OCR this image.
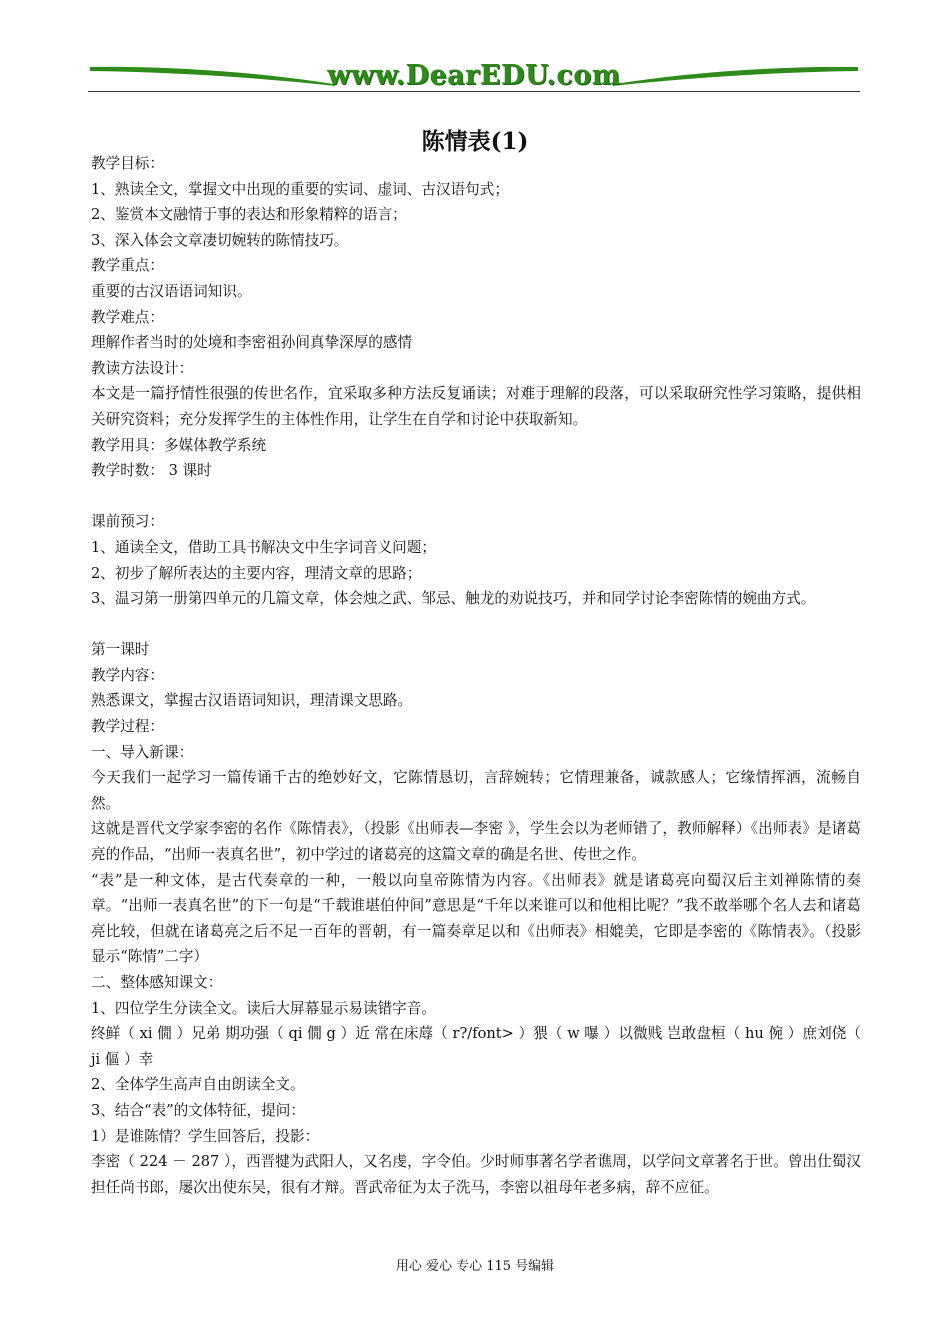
www.DearEDU.com
陈情表(1)

教学目标：

1、熟读全文，掌握文中出现的重要的实词、虚词、古汉语句式；

2、鉴赏本文融情于事的表达和形象精粹的语言；

3、深入体会文章凄切婉转的陈情技巧。

教学重点：

重要的古汉语语词知识。

教学难点：

理解作者当时的处境和李密祖孙间真挚深厚的感情

教读方法设计：

本文是一篇抒情性很强的传世名作，宜采取多种方法反复诵读；对难于理解的段落，可以采取研究性学习策略，提供相关研究资料；充分发挥学生的主体性作用，让学生在自学和讨论中获取新知。

教学用具：多媒体教学系统

教学时数： 3 课时

课前预习：

1、通读全文，借助工具书解决文中生字词音义问题；

2、初步了解所表达的主要内容，理清文章的思路；

3、温习第一册第四单元的几篇文章，体会烛之武、邹忌、触龙的劝说技巧，并和同学讨论李密陈情的婉曲方式。

第一课时

教学内容：

熟悉课文，掌握古汉语语词知识，理清课文思路。

教学过程：

一、导入新课：

今天我们一起学习一篇传诵千古的绝妙好文，它陈情恳切，言辞婉转；它情理兼备，诚款感人；它缘情挥洒，流畅自然。

这就是晋代文学家李密的名作《陈情表》，（投影《出师表—李密 》，学生会以为老师错了，教师解释）《出师表》是诸葛亮的作品，“出师一表真名世”，初中学过的诸葛亮的这篇文章的确是名世、传世之作。

“表”是一种文体，是古代奏章的一种，一般以向皇帝陈情为内容。《出师表》就是诸葛亮向蜀汉后主刘禅陈情的奏章。“出师一表真名世”的下一句是“千载谁堪伯仲间”意思是“千年以来谁可以和他相比呢？”我不敢举哪个名人去和诸葛亮比较，但就在诸葛亮之后不足一百年的晋朝，有一篇奏章足以和《出师表》相媲美，它即是李密的《陈情表》。（投影显示“陈情”二字）

二、整体感知课文：

1、四位学生分读全文。读后大屏幕显示易读错字音。

终鲜（ xi 僩 ）兄弟 期功强（ qi 僩 g ）近 常在床蓐（ r?/font> ）猥（ w 嚗 ）以微贱 岂敢盘桓（ hu 倇 ）庶刘侥（ ji 傴 ）幸

2、全体学生高声自由朗读全文。

3、结合“表”的文体特征，提问：

1）是谁陈情？学生回答后，投影：

李密（ 224 － 287 ），西晋犍为武阳人，又名虔，字令伯。少时师事著名学者谯周，以学问文章著名于世。曾出仕蜀汉担任尚书郎，屡次出使东吴，很有才辩。晋武帝征为太子洗马，李密以祖母年老多病，辞不应征。

用心 爱心 专心 115 号编辑
